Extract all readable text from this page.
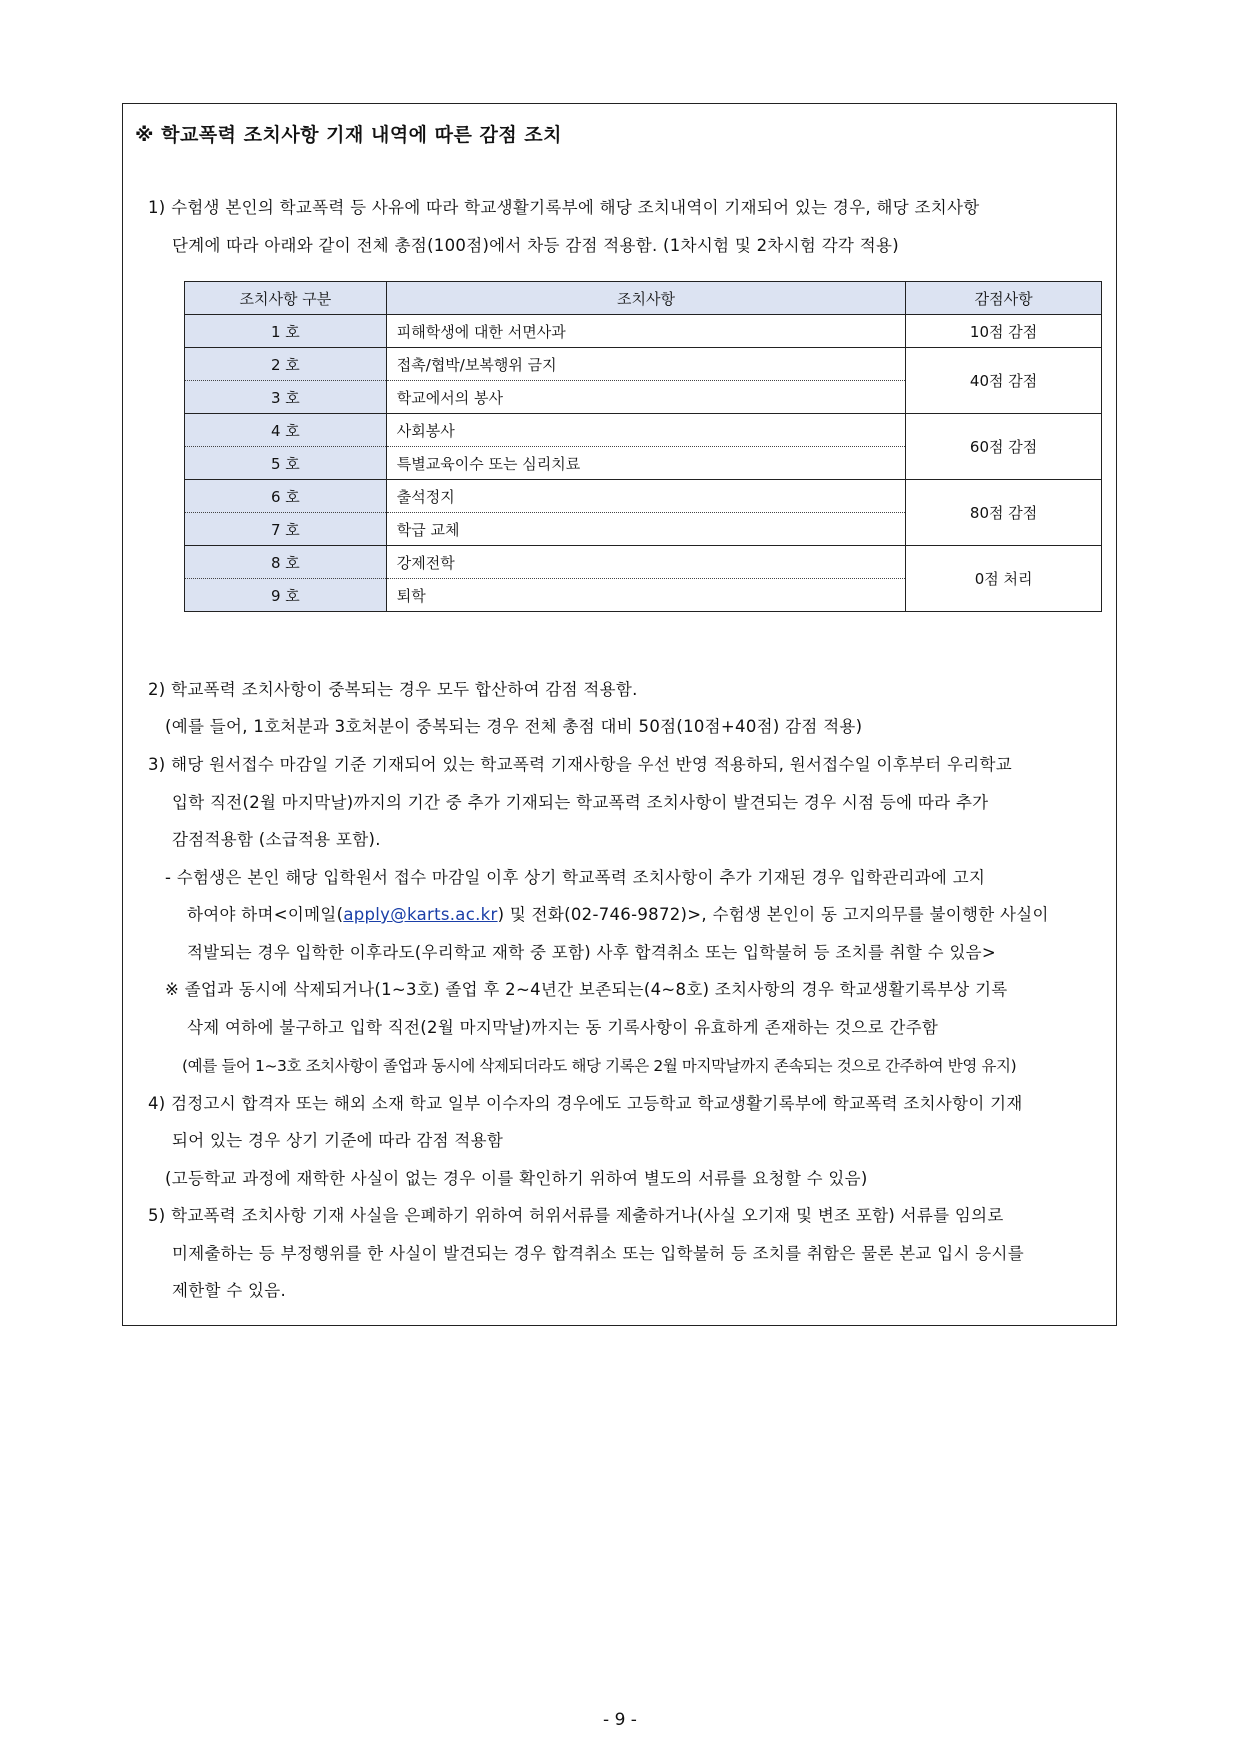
※ 학교폭력 조치사항 기재 내역에 따른 감점 조치
1) 수험생 본인의 학교폭력 등 사유에 따라 학교생활기록부에 해당 조치내역이 기재되어 있는 경우, 해당 조치사항
단계에 따라 아래와 같이 전체 총점(100점)에서 차등 감점 적용함. (1차시험 및 2차시험 각각 적용)
조치사항 구분	조치사항	감점사항
1 호	피해학생에 대한 서면사과	10점 감점
2 호	접촉/협박/보복행위 금지	40점 감점
3 호	학교에서의 봉사	
4 호	사회봉사	60점 감점
5 호	특별교육이수 또는 심리치료	
6 호	출석정지	80점 감점
7 호	학급 교체	
8 호	강제전학	0점 처리
9 호	퇴학	
2) 학교폭력 조치사항이 중복되는 경우 모두 합산하여 감점 적용함.
(예를 들어, 1호처분과 3호처분이 중복되는 경우 전체 총점 대비 50점(10점+40점) 감점 적용)
3) 해당 원서접수 마감일 기준 기재되어 있는 학교폭력 기재사항을 우선 반영 적용하되, 원서접수일 이후부터 우리학교
입학 직전(2월 마지막날)까지의 기간 중 추가 기재되는 학교폭력 조치사항이 발견되는 경우 시점 등에 따라 추가
감점적용함 (소급적용 포함).
- 수험생은 본인 해당 입학원서 접수 마감일 이후 상기 학교폭력 조치사항이 추가 기재된 경우 입학관리과에 고지
하여야 하며<이메일(apply@karts.ac.kr) 및 전화(02-746-9872)>, 수험생 본인이 동 고지의무를 불이행한 사실이
적발되는 경우 입학한 이후라도(우리학교 재학 중 포함) 사후 합격취소 또는 입학불허 등 조치를 취할 수 있음>
※ 졸업과 동시에 삭제되거나(1~3호) 졸업 후 2~4년간 보존되는(4~8호) 조치사항의 경우 학교생활기록부상 기록
삭제 여하에 불구하고 입학 직전(2월 마지막날)까지는 동 기록사항이 유효하게 존재하는 것으로 간주함
(예를 들어 1~3호 조치사항이 졸업과 동시에 삭제되더라도 해당 기록은 2월 마지막날까지 존속되는 것으로 간주하여 반영 유지)
4) 검정고시 합격자 또는 해외 소재 학교 일부 이수자의 경우에도 고등학교 학교생활기록부에 학교폭력 조치사항이 기재
되어 있는 경우 상기 기준에 따라 감점 적용함
(고등학교 과정에 재학한 사실이 없는 경우 이를 확인하기 위하여 별도의 서류를 요청할 수 있음)
5) 학교폭력 조치사항 기재 사실을 은폐하기 위하여 허위서류를 제출하거나(사실 오기재 및 변조 포함) 서류를 임의로
미제출하는 등 부정행위를 한 사실이 발견되는 경우 합격취소 또는 입학불허 등 조치를 취함은 물론 본교 입시 응시를
제한할 수 있음.
- 9 -
